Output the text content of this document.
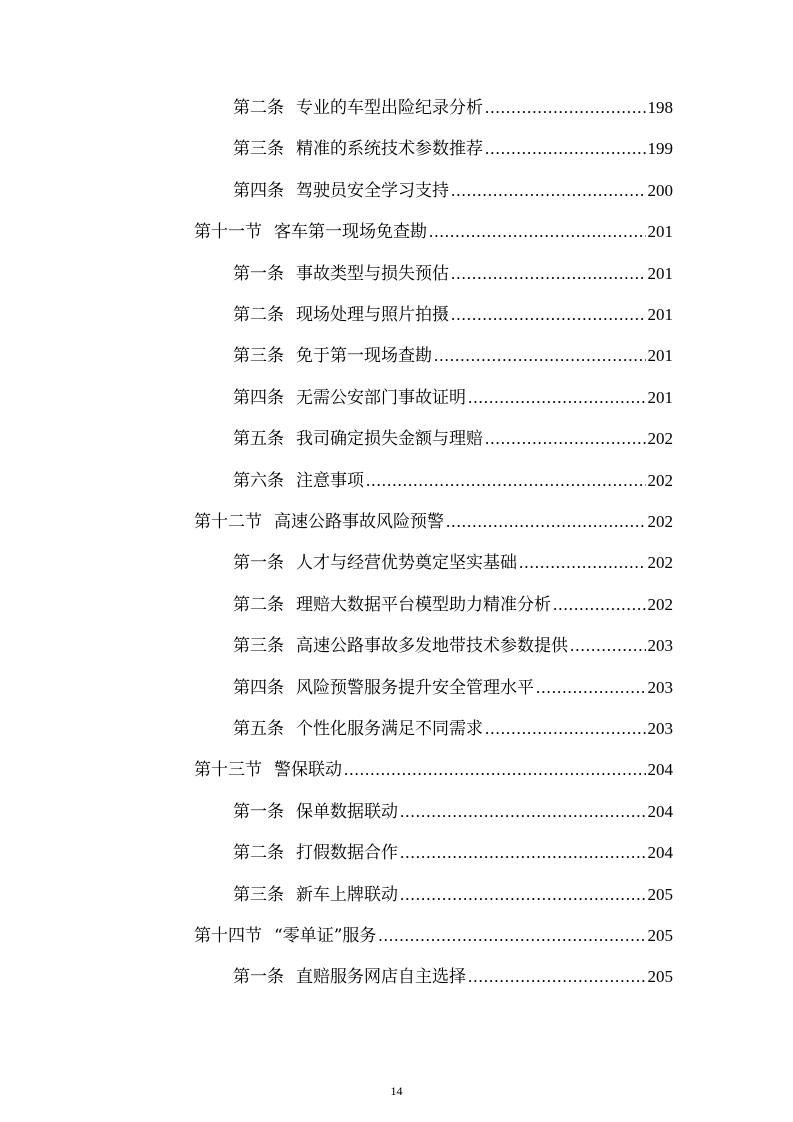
第二条 专业的车型出险纪录分析 .....	198
第三条 精准的系统技术参数推荐 .....	199
第四条 驾驶员安全学习支持 .....	200
第十一节 客车第一现场免查勘 .....	201
第一条 事故类型与损失预估 .....	201
第二条 现场处理与照片拍摄 .....	201
第三条 免于第一现场查勘 .....	201
第四条 无需公安部门事故证明 .....	201
第五条 我司确定损失金额与理赔 .....	202
第六条 注意事项 .....	202
第十二节 高速公路事故风险预警 .....	202
第一条 人才与经营优势奠定坚实基础 .....	202
第二条 理赔大数据平台模型助力精准分析 .....	202
第三条 高速公路事故多发地带技术参数提供 .....	203
第四条 风险预警服务提升安全管理水平 .....	203
第五条 个性化服务满足不同需求 .....	203
第十三节 警保联动 .....	204
第一条 保单数据联动 .....	204
第二条 打假数据合作 .....	204
第三条 新车上牌联动 .....	205
第十四节 “零单证”服务 .....	205
第一条 直赔服务网店自主选择 .....	205
14
